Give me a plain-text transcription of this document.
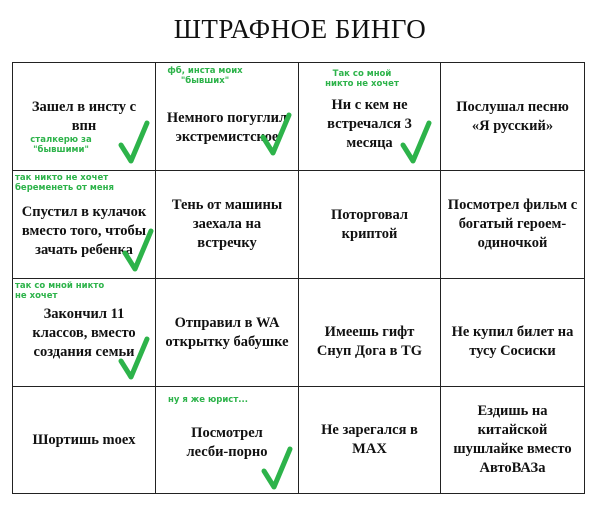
ШТРАФНОЕ БИНГО
Зашел в инсту с впн
сталкерю за "бывшими"
Немного погуглил экстремистское
фб, инста моих "бывших"
Ни с кем не встречался 3 месяца
Так со мной никто не хочет
Послушал песню «Я русский»
Спустил в кулачок вместо того, чтобы зачать ребенка
так никто не хочет беременеть от меня
Тень от машины заехала на встречку
Поторговал криптой
Посмотрел фильм с богатый героем-одиночкой
Закончил 11 классов, вместо создания семьи
так со мной никто не хочет
Отправил в WA открытку бабушке
Имеешь гифт Снуп Дога в TG
Не купил билет на тусу Сосиски
Шортишь moex	Посмотрел лесби-порно
ну я же юрист...
Не зарегался в MAX
Ездишь на китайской шушлайке вместо АвтоВАЗа
